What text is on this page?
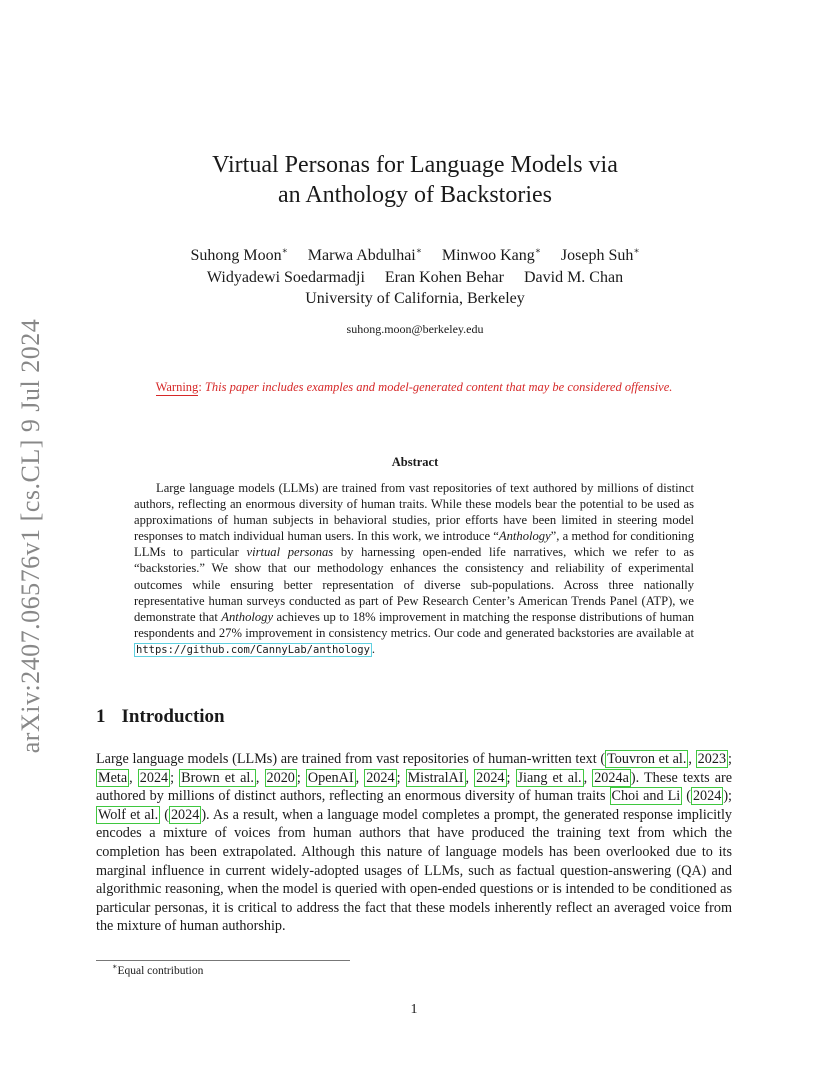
arXiv:2407.06576v1 [cs.CL] 9 Jul 2024
Virtual Personas for Language Models via
an Anthology of Backstories
Suhong Moon∗ Marwa Abdulhai∗ Minwoo Kang∗ Joseph Suh∗
Widyadewi Soedarmadji Eran Kohen Behar David M. Chan
University of California, Berkeley
suhong.moon@berkeley.edu
Warning: This paper includes examples and model-generated content that may be considered offensive.
Abstract
Large language models (LLMs) are trained from vast repositories of text authored by millions of distinct authors, reflecting an enormous diversity of human traits. While these models bear the potential to be used as approximations of human subjects in behavioral studies, prior efforts have been limited in steering model responses to match individual human users. In this work, we introduce “Anthology”, a method for conditioning LLMs to particular virtual personas by harnessing open-ended life narratives, which we refer to as “backstories.” We show that our methodology enhances the consistency and reliability of experimental outcomes while ensuring better representation of diverse sub-populations. Across three nationally representative human surveys conducted as part of Pew Research Center’s American Trends Panel (ATP), we demonstrate that Anthology achieves up to 18% improvement in matching the response distributions of human respondents and 27% improvement in consistency metrics. Our code and generated backstories are available at https://github.com/CannyLab/anthology .
1 Introduction
Large language models (LLMs) are trained from vast repositories of human-written text ( Touvron et al. , 2023 ; Meta , 2024 ; Brown et al. , 2020 ; OpenAI , 2024 ; MistralAI , 2024 ; Jiang et al. , 2024a ). These texts are authored by millions of distinct authors, reflecting an enormous diversity of human traits Choi and Li ( 2024 ); Wolf et al. ( 2024 ). As a result, when a language model completes a prompt, the generated response implicitly encodes a mixture of voices from human authors that have produced the training text from which the completion has been extrapolated. Although this nature of language models has been overlooked due to its marginal influence in current widely-adopted usages of LLMs, such as factual question-answering (QA) and algorithmic reasoning, when the model is queried with open-ended questions or is intended to be conditioned as particular personas, it is critical to address the fact that these models inherently reflect an averaged voice from the mixture of human authorship.
∗Equal contribution
1
